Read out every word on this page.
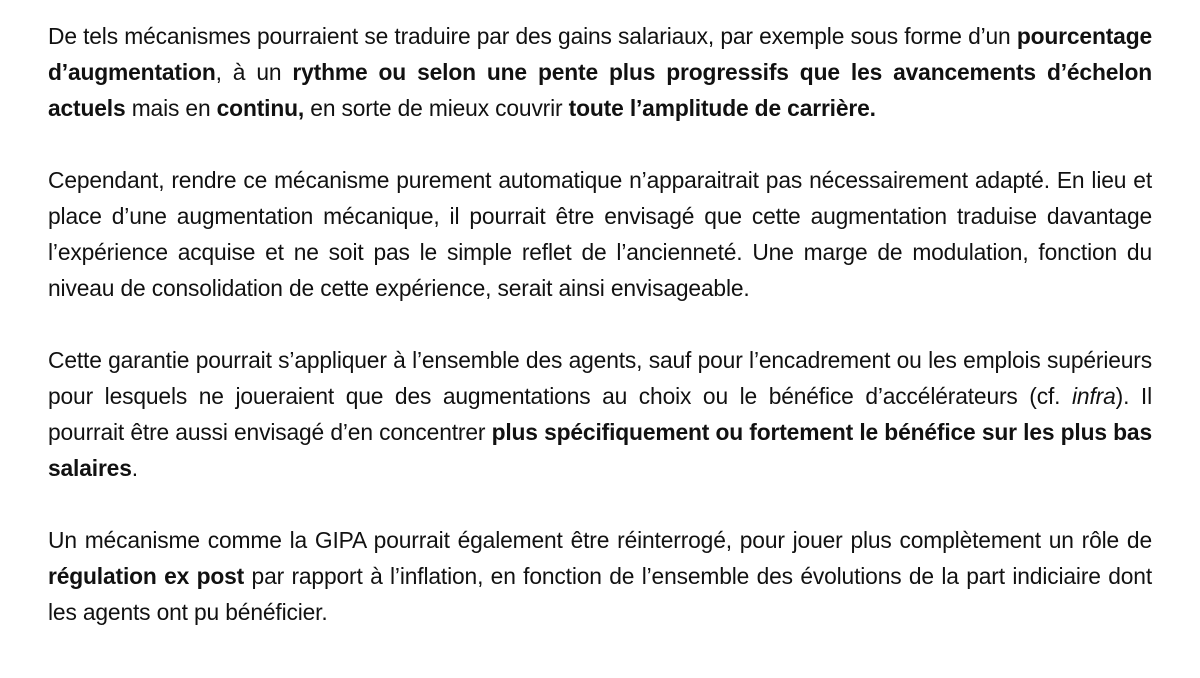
De tels mécanismes pourraient se traduire par des gains salariaux, par exemple sous forme d’un pourcentage d’augmentation, à un rythme ou selon une pente plus progressifs que les avancements d’échelon actuels mais en continu, en sorte de mieux couvrir toute l’amplitude de carrière.

Cependant, rendre ce mécanisme purement automatique n’apparaitrait pas nécessairement adapté. En lieu et place d’une augmentation mécanique, il pourrait être envisagé que cette augmentation traduise davantage l’expérience acquise et ne soit pas le simple reflet de l’ancienneté. Une marge de modulation, fonction du niveau de consolidation de cette expérience, serait ainsi envisageable.

Cette garantie pourrait s’appliquer à l’ensemble des agents, sauf pour l’encadrement ou les emplois supérieurs pour lesquels ne joueraient que des augmentations au choix ou le bénéfice d’accélérateurs (cf. infra). Il pourrait être aussi envisagé d’en concentrer plus spécifiquement ou fortement le bénéfice sur les plus bas salaires.

Un mécanisme comme la GIPA pourrait également être réinterrogé, pour jouer plus complètement un rôle de régulation ex post par rapport à l’inflation, en fonction de l’ensemble des évolutions de la part indiciaire dont les agents ont pu bénéficier.
